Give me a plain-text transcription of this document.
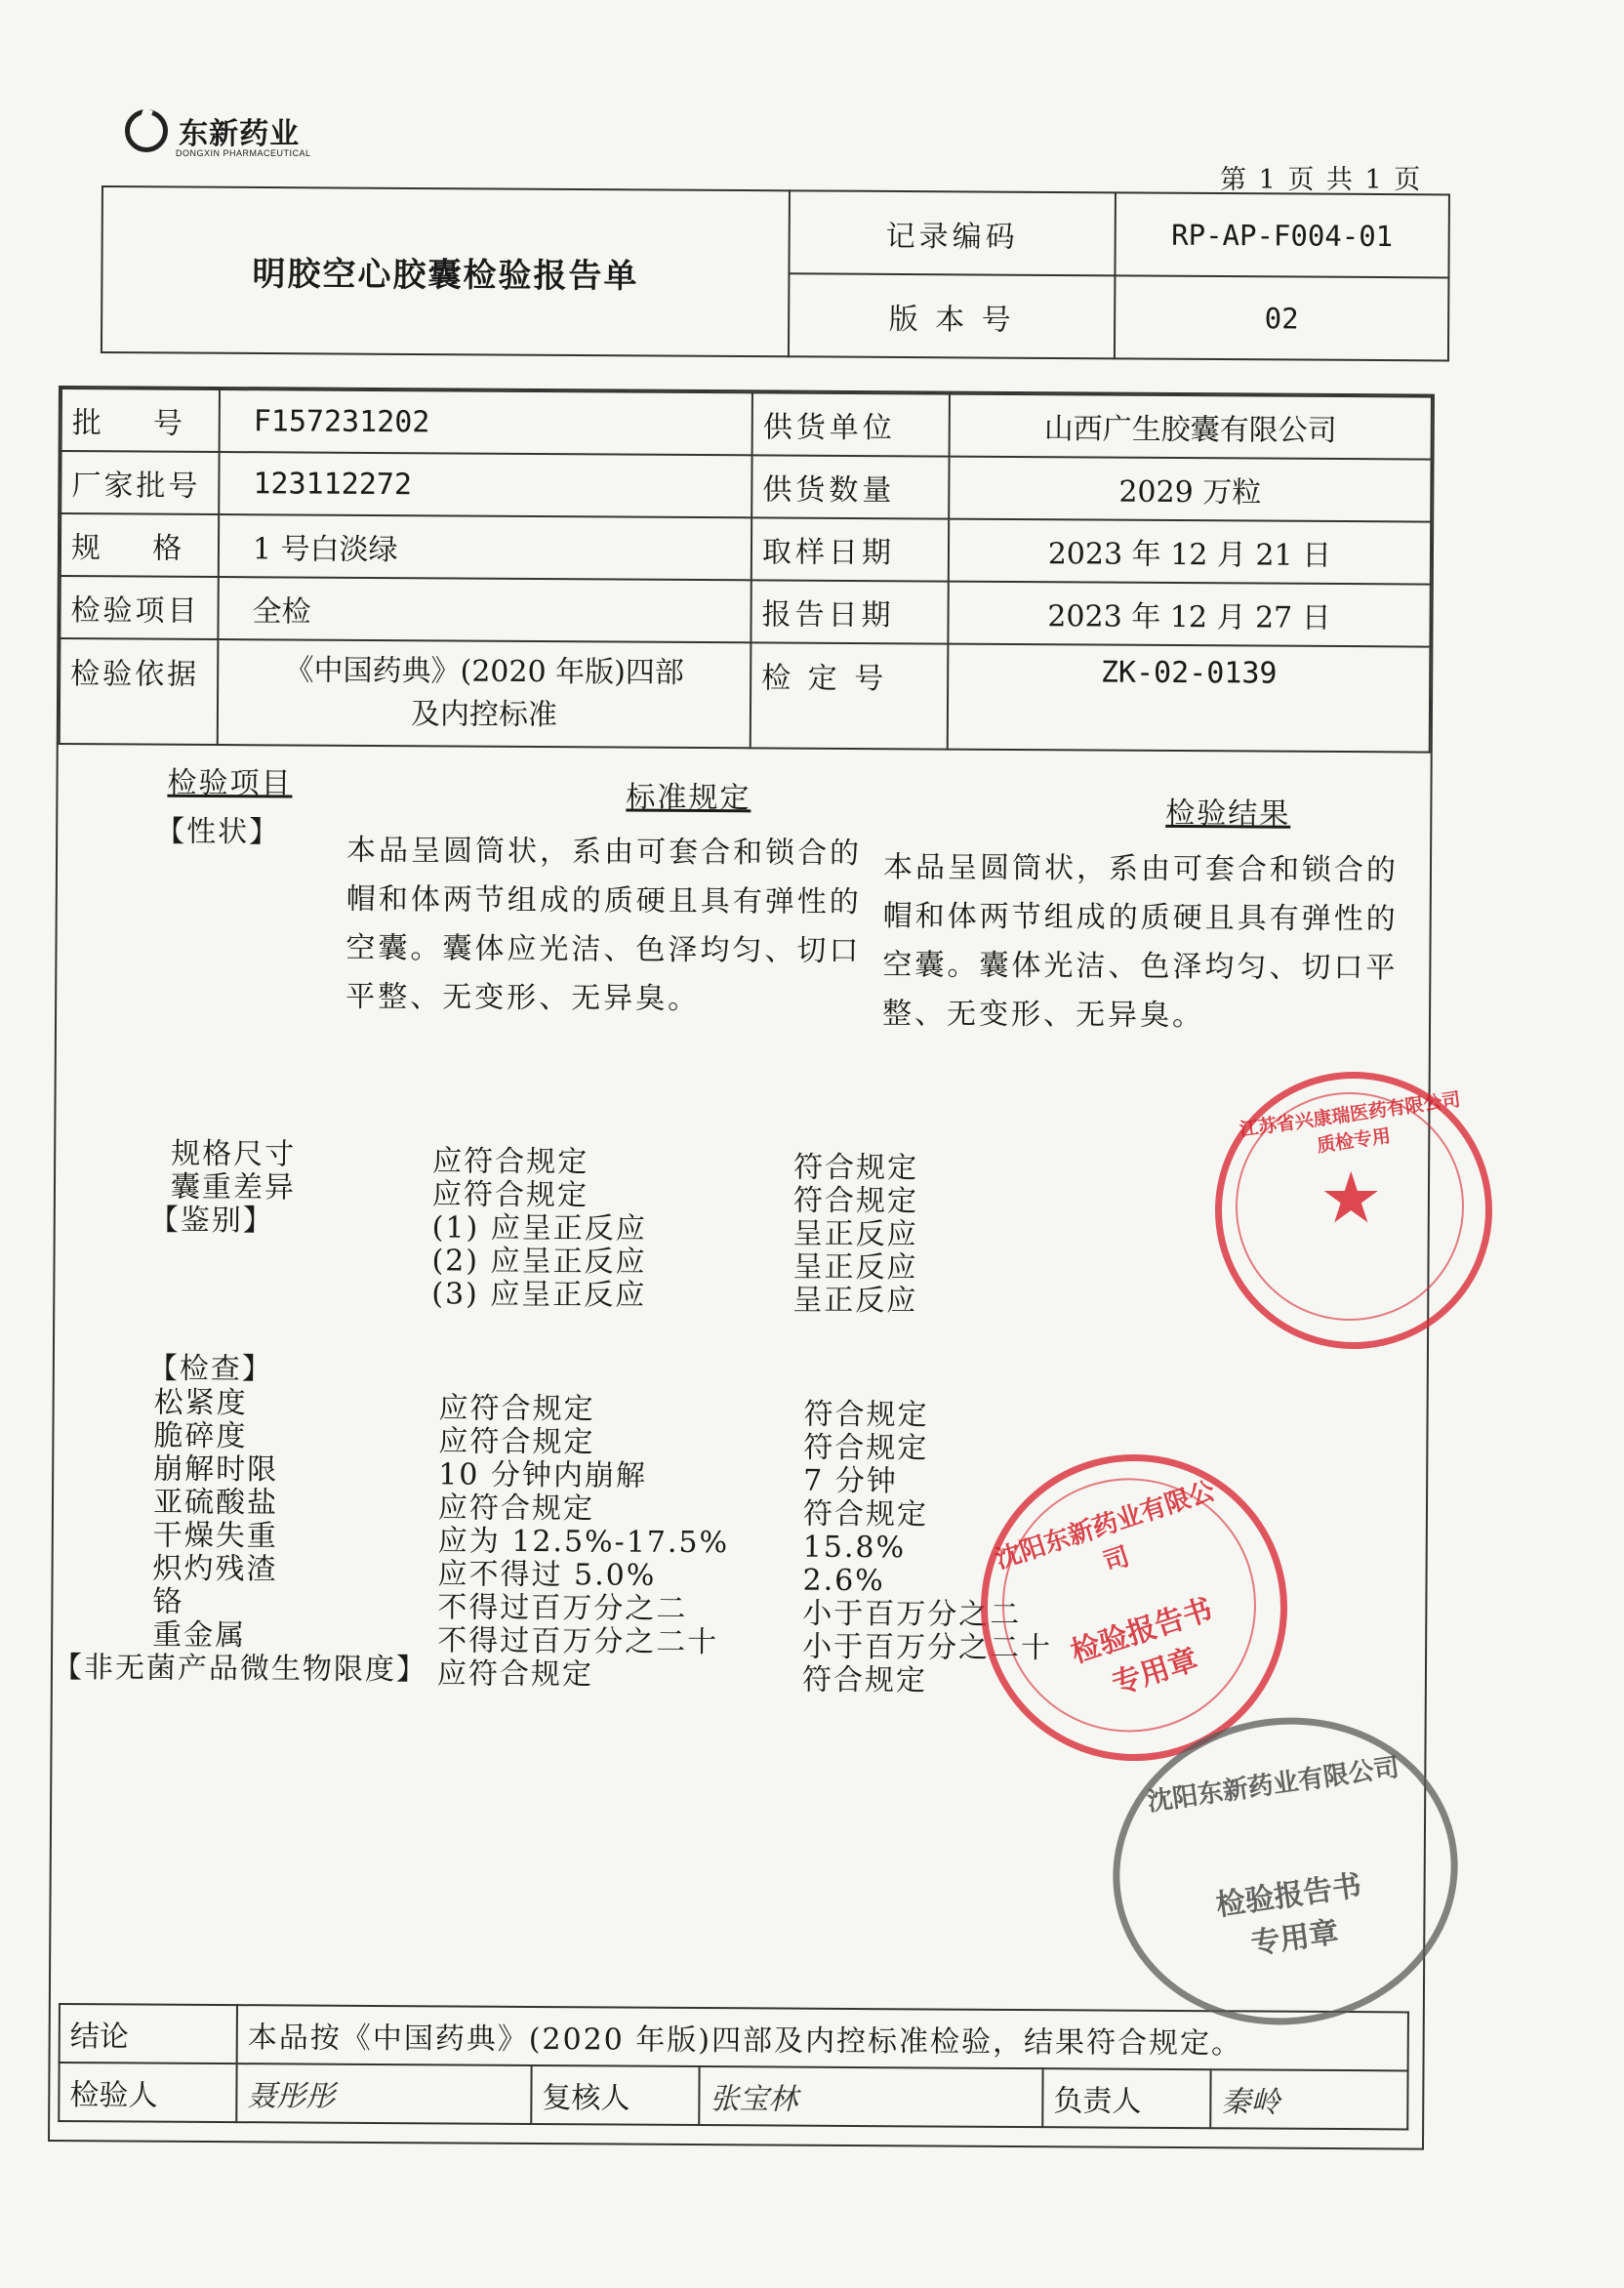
东新药业
DONGXIN PHARMACEUTICAL
第 1 页 共 1 页
明胶空心胶囊检验报告单	记录编码	RP-AP-F004-01
	版 本 号	02
批    号	F157231202	供货单位	山西广生胶囊有限公司
厂家批号	123112272	供货数量	2029 万粒
规    格	1 号白淡绿	取样日期	2023 年 12 月 21 日
检验项目	全检	报告日期	2023 年 12 月 27 日
检验依据	《中国药典》(2020 年版)四部
及内控标准	检 定 号	ZK-02-0139
检验项目	标准规定	检验结果
【性状】
本品呈圆筒状，系由可套合和锁合的帽和体两节组成的质硬且具有弹性的空囊。囊体应光洁、色泽均匀、切口平整、无变形、无异臭。
本品呈圆筒状，系由可套合和锁合的帽和体两节组成的质硬且具有弹性的空囊。囊体光洁、色泽均匀、切口平整、无变形、无异臭。
规格尺寸	应符合规定	符合规定
囊重差异	应符合规定	符合规定
【鉴别】	(1) 应呈正反应	呈正反应
(2) 应呈正反应	呈正反应
(3) 应呈正反应	呈正反应
【检查】
松紧度	应符合规定	符合规定
脆碎度	应符合规定	符合规定
崩解时限	10 分钟内崩解	7 分钟
亚硫酸盐	应符合规定	符合规定
干燥失重	应为 12.5%-17.5%	15.8%
炽灼残渣	应不得过 5.0%	2.6%
铬	不得过百万分之二	小于百万分之二
重金属	不得过百万分之二十	小于百万分之二十
【非无菌产品微生物限度】 应符合规定	符合规定
结论	本品按《中国药典》(2020 年版)四部及内控标准检验，结果符合规定。				
检验人	聂彤彤	复核人	张宝林	负责人	秦岭
★
江苏省兴康瑞医药有限公司 质检专用
沈阳东新药业有限公司
检验报告书 专用章
沈阳东新药业有限公司
检验报告书 专用章
